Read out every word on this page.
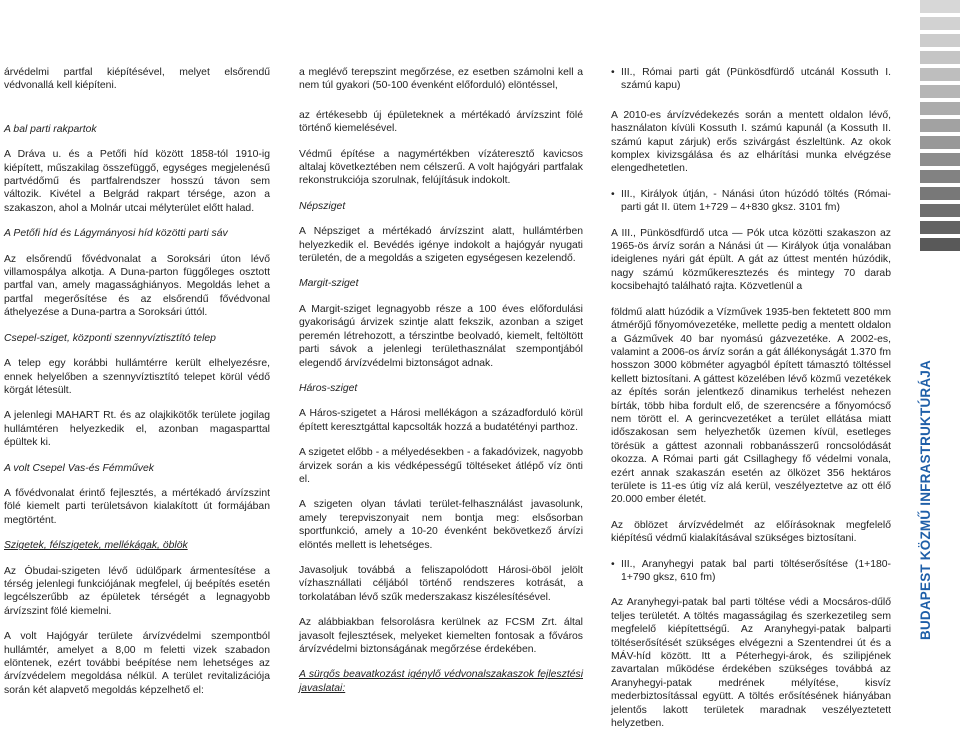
árvédelmi partfal kiépítésével, melyet elsőrendű védvonallá kell kiépíteni.

A bal parti rakpartok

A Dráva u. és a Petőfi híd között 1858-tól 1910-ig kiépített, műszakilag összefüggő, egységes megjelenésű partvédőmű és partfalrendszer hosszú távon sem változik. Kivétel a Belgrád rakpart térsége, azon a szakaszon, ahol a Molnár utcai mélyterület előtt halad.

A Petőfi híd és Lágymányosi híd közötti parti sáv

Az elsőrendű fővédvonalat a Soroksári úton lévő villamospálya alkotja. A Duna-parton függőleges osztott partfal van, amely magassághiányos. Megoldás lehet a partfal megerősítése és az elsőrendű fővédvonal áthelyezése a Duna-partra a Soroksári úttól.

Csepel-sziget, központi szennyvíztisztító telep

A telep egy korábbi hullámtérre került elhelyezésre, ennek helyelőben a szennyvíztisztító telepet körül védő körgát létesült.

A jelenlegi MAHART Rt. és az olajkikötők területe jogilag hullámtéren helyezkedik el, azonban magasparttal épültek ki.

A volt Csepel Vas-és Fémművek

A fővédvonalat érintő fejlesztés, a mértékadó árvízszint fölé kiemelt parti területsávon kialakított út formájában megtörtént.

Szigetek, félszigetek, mellékágak, öblök

Az Óbudai-szigeten lévő üdülőpark ármentesítése a térség jelenlegi funkciójának megfelel, új beépítés esetén legcélszerűbb az épületek térségét a legnagyobb árvízszint fölé kiemelni.

A volt Hajógyár területe árvízvédelmi szempontból hullámtér, amelyet a 8,00 m feletti vizek szabadon elöntenek, ezért további beépítése nem lehetséges az árvízvédelem megoldása nélkül. A terület revitalizációja során két alapvető megoldás képzelhető el:

a meglévő terepszint megőrzése, ez esetben számolni kell a nem túl gyakori (50-100 évenként előforduló) elöntéssel,

az értékesebb új épületeknek a mértékadó árvízszint fölé történő kiemelésével.

Védmű építése a nagymértékben vízáteresztő kavicsos altalaj következtében nem célszerű. A volt hajógyári partfalak rekonstrukciója szorulnak, felújításuk indokolt.

Népsziget

A Népsziget a mértékadó árvízszint alatt, hullámtérben helyezkedik el. Bevédés igénye indokolt a hajógyár nyugati területén, de a megoldás a szigeten egységesen kezelendő.

Margit-sziget

A Margit-sziget legnagyobb része a 100 éves előfordulási gyakoriságú árvizek szintje alatt fekszik, azonban a sziget peremén létrehozott, a térszintbe beolvadó, kiemelt, feltöltött parti sávok a jelenlegi területhasználat szempontjából elegendő árvízvédelmi biztonságot adnak.

Háros-sziget

A Háros-szigetet a Hárosi mellékágon a századforduló körül épített keresztgáttal kapcsolták hozzá a budatétényi parthoz.

A szigetet előbb - a mélyedésekben - a fakadóvizek, nagyobb árvizek során a kis védképességű töltéseket átlépő víz önti el.

A szigeten olyan távlati terület-felhasználást javasolunk, amely terepviszonyait nem bontja meg: elsősorban sportfunkció, amely a 10-20 évenként bekövetkező árvízi elöntés mellett is lehetséges.

Javasoljuk továbbá a feliszapolódott Hárosi-öböl jelölt vízhasznállati céljából történő rendszeres kotrását, a torkolatában lévő szűk mederszakasz kiszélesítésével.

Az alábbiakban felsorolásra kerülnek az FCSM Zrt. által javasolt fejlesztések, melyeket kiemelten fontosak a főváros árvízvédelmi biztonságának megőrzése érdekében.

A sürgős beavatkozást igénylő védvonalszakaszok fejlesztési javaslatai:

• III., Római parti gát (Pünkösdfürdő utcánál Kossuth I. számú kapu)

A 2010-es árvízvédekezés során a mentett oldalon lévő, használaton kívüli Kossuth I. számú kapunál (a Kossuth II. számú kaput zárjuk) erős szivárgást észleltünk. Az okok komplex kivizsgálása és az elhárítási munka elvégzése elengedhetetlen.

• III., Királyok útján, - Nánási úton húzódó töltés (Római-parti gát II. ütem 1+729 – 4+830 gksz. 3101 fm)

A III., Pünkösdfürdő utca — Pók utca közötti szakaszon az 1965-ös árvíz során a Nánási út — Királyok útja vonalában ideiglenes nyári gát épült. A gát az úttest mentén húzódik, nagy számú közműkeresztezés és mintegy 70 darab kocsibehajtó található rajta. Közvetlenül a

földmű alatt húzódik a Vízművek 1935-ben fektetett 800 mm átmérőjű főnyomóvezetéke, mellette pedig a mentett oldalon a Gázművek 40 bar nyomású gázvezetéke. A 2002-es, valamint a 2006-os árvíz során a gát állékonyságát 1.370 fm hosszon 3000 köbméter agyagból épített támasztó töltéssel kellett biztosítani. A gáttest közelében lévő közmű vezetékek az építés során jelentkező dinamikus terhelést nehezen bírták, több hiba fordult elő, de szerencsére a főnyomócső nem törött el. A gerincvezetéket a terület ellátása miatt időszakosan sem helyezhetők üzemen kívül, esetleges törésük a gáttest azonnali robbanásszerű roncsolódását okozza. A Római parti gát Csillaghegy fő védelmi vonala, ezért annak szakaszán esetén az ölközet 356 hektáros területe is 11-es útig víz alá kerül, veszélyeztetve az ott élő 20.000 ember életét.

Az öblözet árvízvédelmét az előírásoknak megfelelő kiépítésű védmű kialakításával szükséges biztosítani.

• III., Aranyhegyi patak bal parti töltéserősítése (1+180-1+790 gksz, 610 fm)

Az Aranyhegyi-patak bal parti töltése védi a Mocsáros-dűlő teljes területét. A töltés magasságilag és szerkezetileg sem megfelelő kiépítettségű. Az Aranyhegyi-patak balparti töltéserősítését szükséges elvégezni a Szentendrei út és a MÁV-híd között. Itt a Péterhegyi-árok, és szilipjének zavartalan működése érdekében szükséges továbbá az Aranyhegyi-patak medrének mélyítése, kisvíz mederbiztosítással együtt. A töltés erősítésének hiányában jelentős lakott területek maradnak veszélyeztetett helyzetben.

BUDAPEST KÖZMŰ INFRASTRUKTÚRÁJA
